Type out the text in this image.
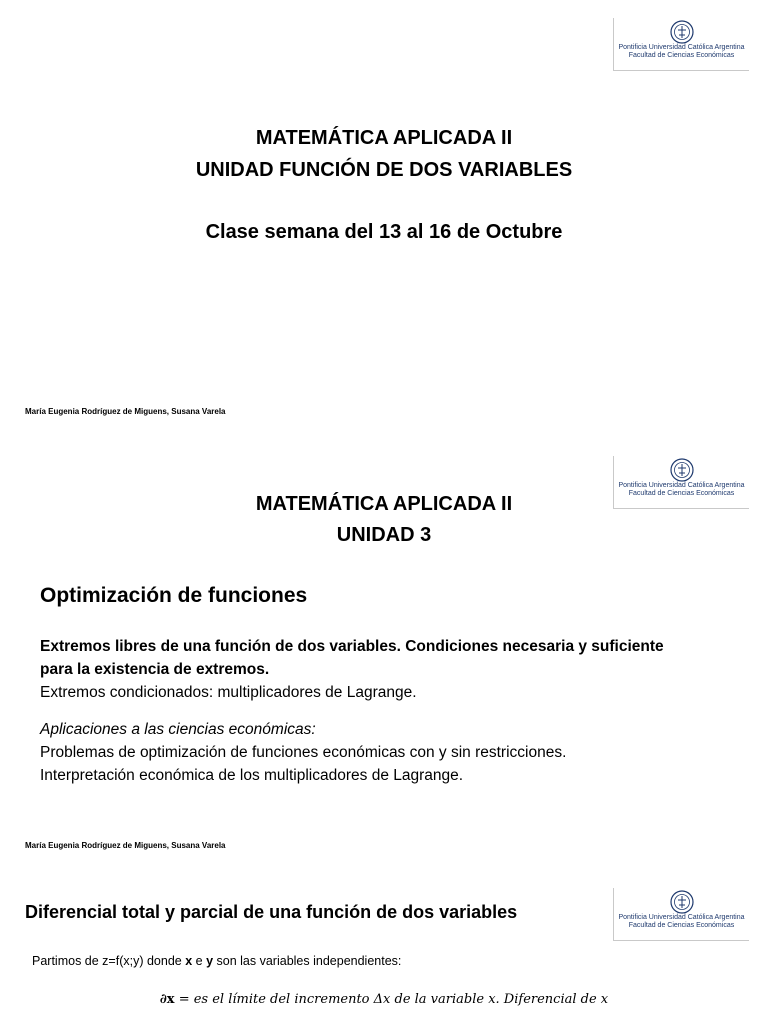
Pontificia Universidad Católica Argentina
Facultad de Ciencias Económicas
MATEMÁTICA APLICADA II
UNIDAD FUNCIÓN DE DOS VARIABLES
Clase semana del 13 al 16 de Octubre
María Eugenia Rodríguez de Miguens, Susana Varela
Pontificia Universidad Católica Argentina
Facultad de Ciencias Económicas
MATEMÁTICA APLICADA II
UNIDAD 3
Optimización de funciones
Extremos libres de una función de dos variables. Condiciones necesaria y suficiente
para la existencia de extremos.
Extremos condicionados: multiplicadores de Lagrange.
Aplicaciones a las ciencias económicas:
Problemas de optimización de funciones económicas con y sin restricciones.
Interpretación económica de los multiplicadores de Lagrange.
María Eugenia Rodríguez de Miguens, Susana Varela
Pontificia Universidad Católica Argentina
Facultad de Ciencias Económicas
Diferencial total y parcial de una función de dos variables
Partimos de z=f(x;y) donde x e y son las variables independientes:
∂x = es el límite del incremento Δx de la variable x. Diferencial de x
